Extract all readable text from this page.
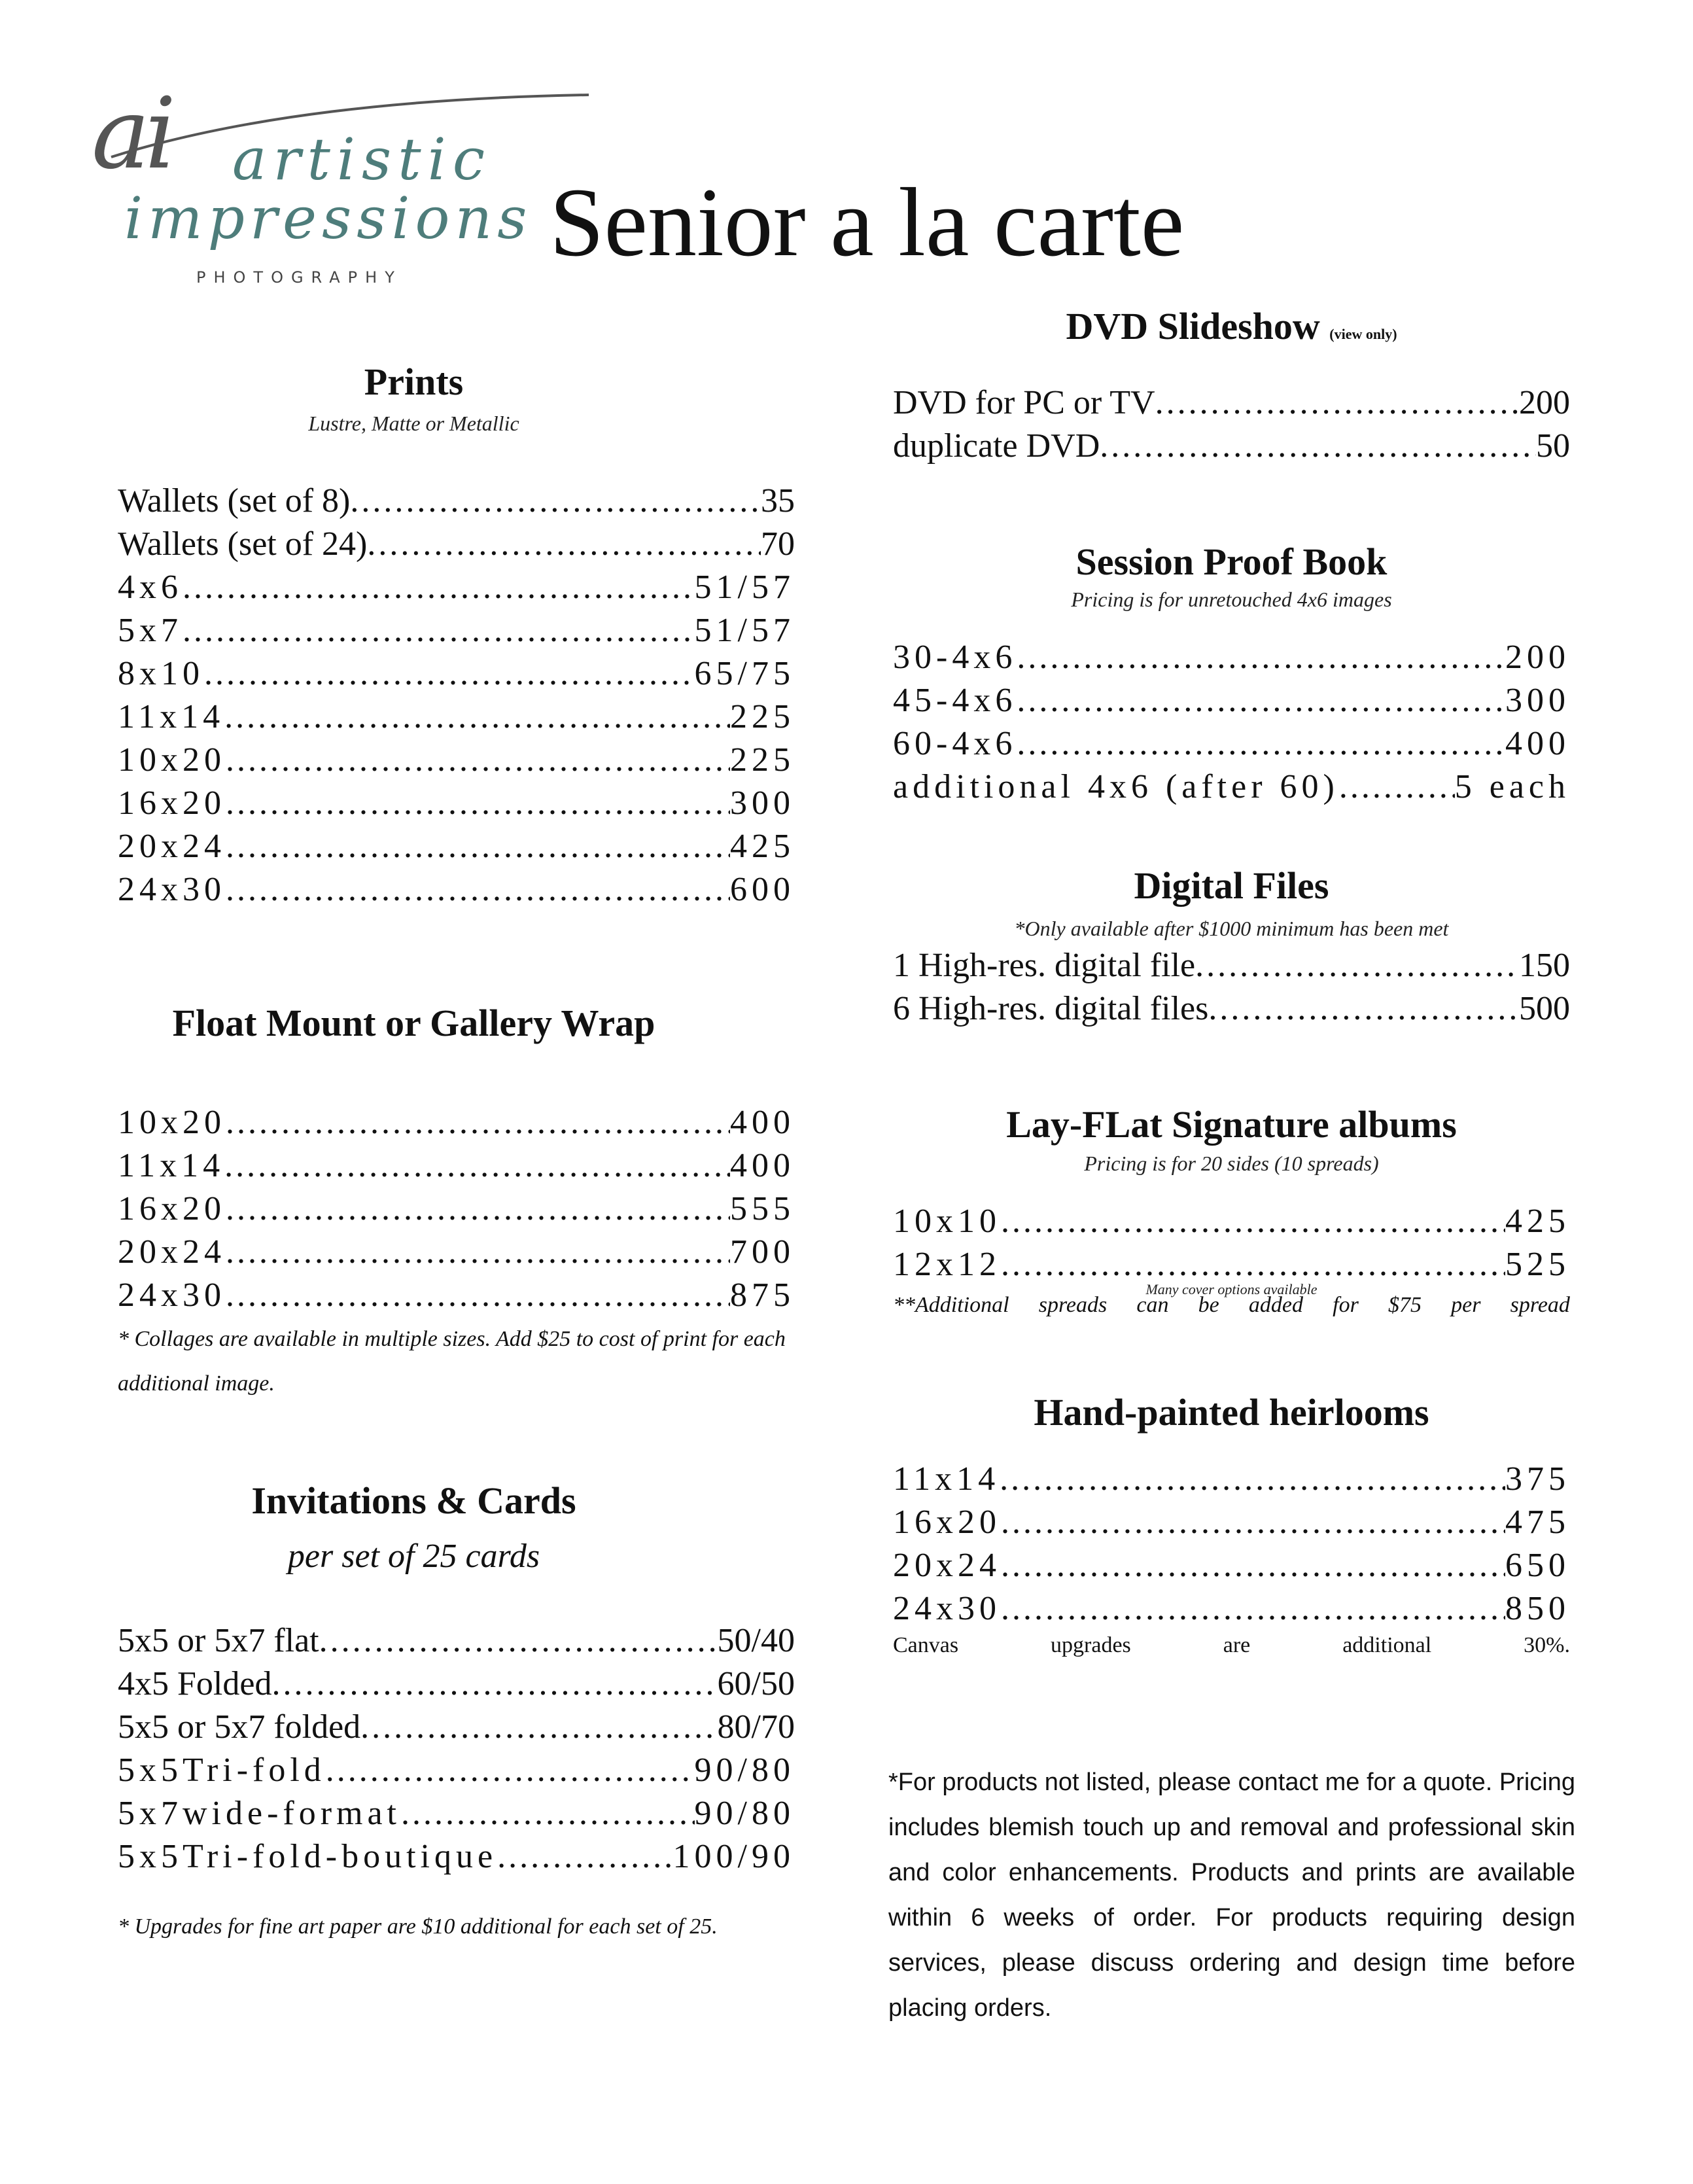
ai artistic
impressions
PHOTOGRAPHY
Senior a la carte
Prints
Lustre, Matte or Metallic
Wallets (set of 8) .....	35
Wallets (set of 24) .....	70
4x6 .....	51/57
5x7 .....	51/57
8x10 .....	65/75
11x14 .....	225
10x20 .....	225
16x20 .....	300
20x24 .....	425
24x30 .....	600
Float Mount or Gallery Wrap
10x20 .....	400
11x14 .....	400
16x20 .....	555
20x24 .....	700
24x30 .....	875
* Collages are available in multiple sizes. Add $25 to cost of print for each additional image.
Invitations & Cards
per set of 25 cards
5x5 or 5x7 flat .....	50/40
4x5 Folded .....	60/50
5x5 or 5x7 folded .....	80/70
5x5Tri-fold .....	90/80
5x7wide-format .....	90/80
5x5Tri-fold-boutique .....	100/90
* Upgrades for fine art paper are $10 additional for each set of 25.
DVD Slideshow (view only)
DVD for PC or TV .....	200
duplicate DVD .....	50
Session Proof Book
Pricing is for unretouched 4x6 images
30-4x6 .....	200
45-4x6 .....	300
60-4x6 .....	400
additional 4x6 (after 60) .....	5 each
Digital Files
*Only available after $1000 minimum has been met
1 High-res. digital file .....	150
6 High-res. digital files .....	500
Lay-FLat Signature albums
Pricing is for 20 sides (10 spreads)
10x10 .....	425
12x12 .....	525
Many cover options available
**Additional spreads can be added for $75 per spread
Hand-painted heirlooms
11x14 .....	375
16x20 .....	475
20x24 .....	650
24x30 .....	850
Canvas	upgrades	are	additional	30%.
*For products not listed, please contact me for a quote. Pricing includes blemish touch up and removal and professional skin and color enhancements. Products and prints are available within 6 weeks of order. For products requiring design services, please discuss ordering and design time before placing orders.
